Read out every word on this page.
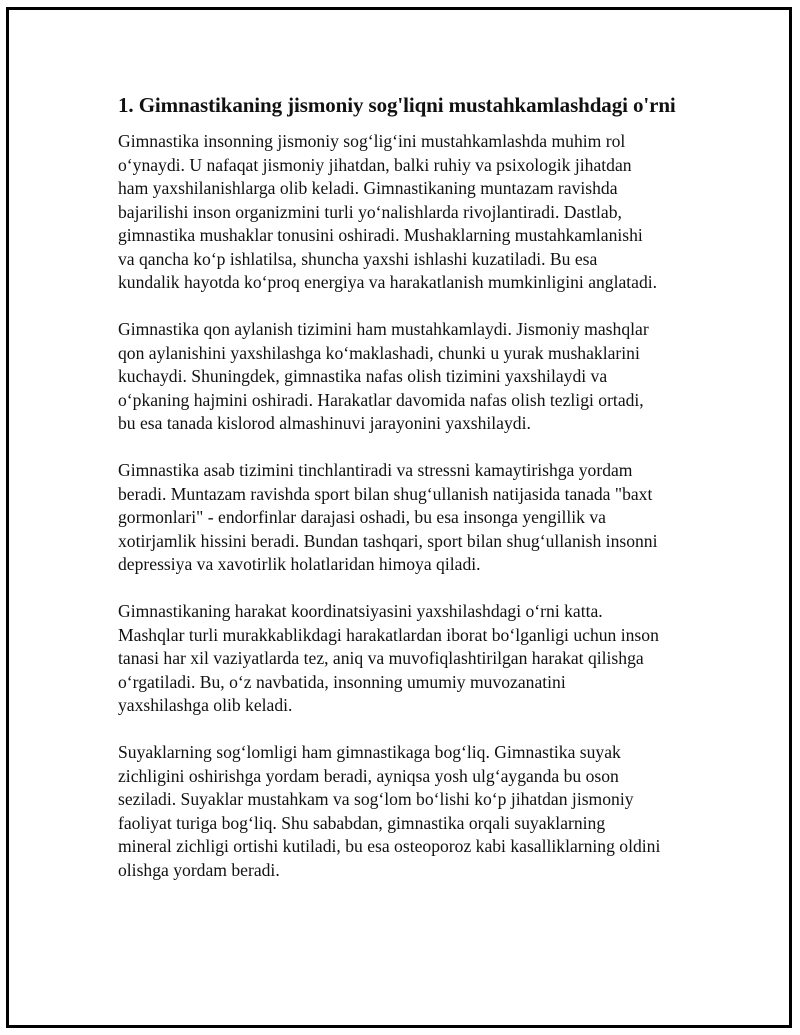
1. Gimnastikaning jismoniy sog'liqni mustahkamlashdagi o'rni

Gimnastika insonning jismoniy sog‘lig‘ini mustahkamlashda muhim rol
o‘ynaydi. U nafaqat jismoniy jihatdan, balki ruhiy va psixologik jihatdan
ham yaxshilanishlarga olib keladi. Gimnastikaning muntazam ravishda
bajarilishi inson organizmini turli yo‘nalishlarda rivojlantiradi. Dastlab,
gimnastika mushaklar tonusini oshiradi. Mushaklarning mustahkamlanishi
va qancha ko‘p ishlatilsa, shuncha yaxshi ishlashi kuzatiladi. Bu esa
kundalik hayotda ko‘proq energiya va harakatlanish mumkinligini anglatadi.

Gimnastika qon aylanish tizimini ham mustahkamlaydi. Jismoniy mashqlar
qon aylanishini yaxshilashga ko‘maklashadi, chunki u yurak mushaklarini
kuchaydi. Shuningdek, gimnastika nafas olish tizimini yaxshilaydi va
o‘pkaning hajmini oshiradi. Harakatlar davomida nafas olish tezligi ortadi,
bu esa tanada kislorod almashinuvi jarayonini yaxshilaydi.

Gimnastika asab tizimini tinchlantiradi va stressni kamaytirishga yordam
beradi. Muntazam ravishda sport bilan shug‘ullanish natijasida tanada "baxt
gormonlari" - endorfinlar darajasi oshadi, bu esa insonga yengillik va
xotirjamlik hissini beradi. Bundan tashqari, sport bilan shug‘ullanish insonni
depressiya va xavotirlik holatlaridan himoya qiladi.

Gimnastikaning harakat koordinatsiyasini yaxshilashdagi o‘rni katta.
Mashqlar turli murakkablikdagi harakatlardan iborat bo‘lganligi uchun inson
tanasi har xil vaziyatlarda tez, aniq va muvofiqlashtirilgan harakat qilishga
o‘rgatiladi. Bu, o‘z navbatida, insonning umumiy muvozanatini
yaxshilashga olib keladi.

Suyaklarning sog‘lomligi ham gimnastikaga bog‘liq. Gimnastika suyak
zichligini oshirishga yordam beradi, ayniqsa yosh ulg‘ayganda bu oson
seziladi. Suyaklar mustahkam va sog‘lom bo‘lishi ko‘p jihatdan jismoniy
faoliyat turiga bog‘liq. Shu sababdan, gimnastika orqali suyaklarning
mineral zichligi ortishi kutiladi, bu esa osteoporoz kabi kasalliklarning oldini
olishga yordam beradi.
